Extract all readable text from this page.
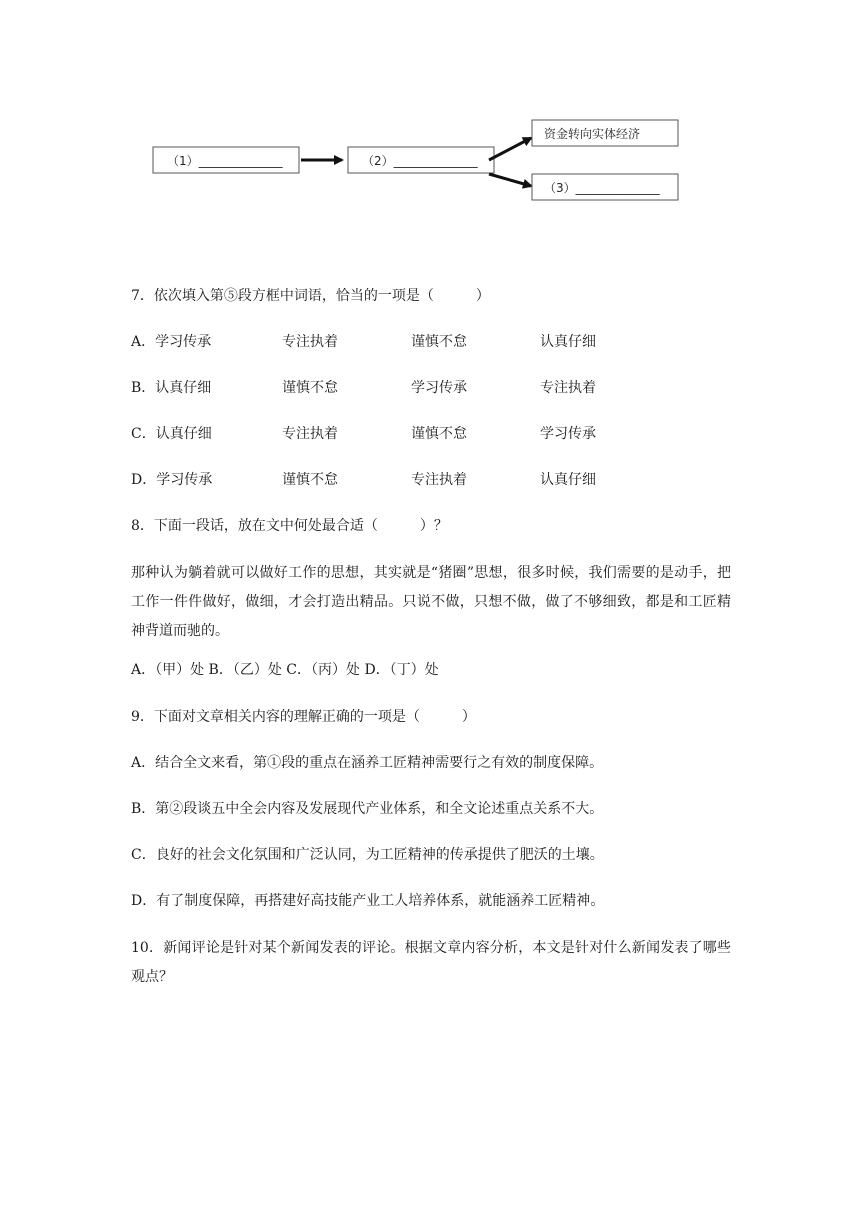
（1）______________	（2）______________
资金转向实体经济
（3）______________
7．依次填入第⑤段方框中词语，恰当的一项是（　　　）
A．学习传承	专注执着	谨慎不怠	认真仔细
B．认真仔细	谨慎不怠	学习传承	专注执着
C．认真仔细	专注执着	谨慎不怠	学习传承
D．学习传承	谨慎不怠	专注执着	认真仔细
8．下面一段话，放在文中何处最合适（　　　）？
那种认为躺着就可以做好工作的思想，其实就是“猪圈”思想，很多时候，我们需要的是动手，把工作一件件做好，做细，才会打造出精品。只说不做，只想不做，做了不够细致，都是和工匠精神背道而驰的。
A．（甲）处 B．（乙）处 C．（丙）处 D．（丁）处
9．下面对文章相关内容的理解正确的一项是（　　　）
A．结合全文来看，第①段的重点在涵养工匠精神需要行之有效的制度保障。
B．第②段谈五中全会内容及发展现代产业体系，和全文论述重点关系不大。
C．良好的社会文化氛围和广泛认同，为工匠精神的传承提供了肥沃的土壤。
D．有了制度保障，再搭建好高技能产业工人培养体系，就能涵养工匠精神。
10．新闻评论是针对某个新闻发表的评论。根据文章内容分析，本文是针对什么新闻发表了哪些观点？
